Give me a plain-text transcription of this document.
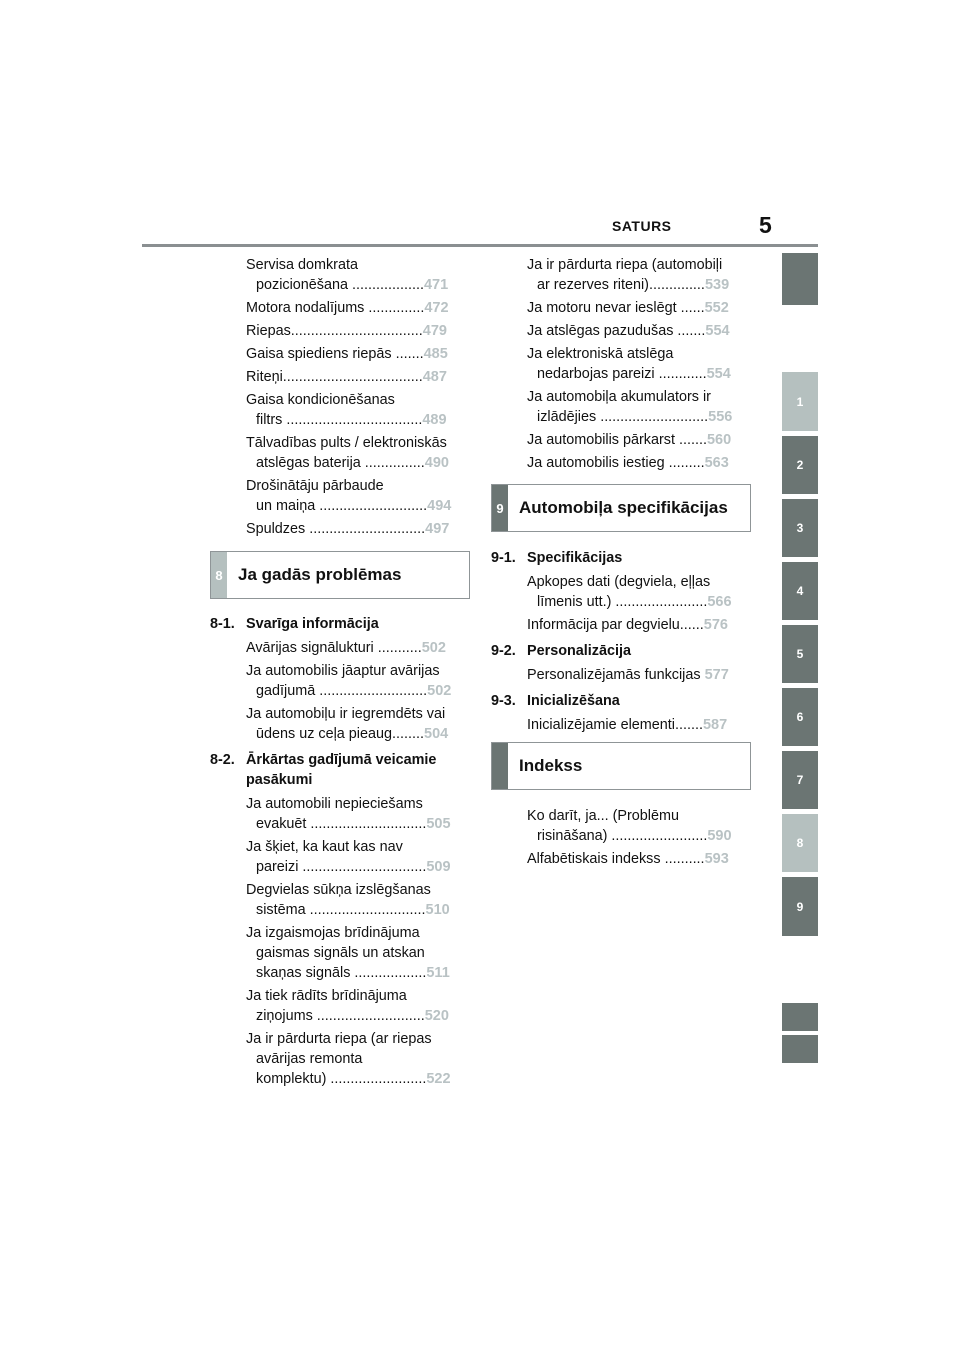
SATURS	5
1
2
3
4
5
6
7
8
9
Servisa domkrata
pozicionēšana ..................471
Motora nodalījums ..............472
Riepas.................................479
Gaisa spiediens riepās .......485
Riteņi...................................487
Gaisa kondicionēšanas
filtrs ..................................489
Tālvadības pults / elektroniskās
atslēgas baterija ...............490
Drošinātāju pārbaude
un maiņa ...........................494
Spuldzes .............................497
8 Ja gadās problēmas
8-1. Svarīga informācija
Avārijas signālukturi ...........502
Ja automobilis jāaptur avārijas
gadījumā ...........................502
Ja automobiļu ir iegremdēts vai
ūdens uz ceļa pieaug........504
8-2. Ārkārtas gadījumā veicamie
pasākumi
Ja automobili nepieciešams
evakuēt .............................505
Ja šķiet, ka kaut kas nav
pareizi ...............................509
Degvielas sūkņa izslēgšanas
sistēma .............................510
Ja izgaismojas brīdinājuma
gaismas signāls un atskan
skaņas signāls ..................511
Ja tiek rādīts brīdinājuma
ziņojums ...........................520
Ja ir pārdurta riepa (ar riepas
avārijas remonta
komplektu) ........................522
Ja ir pārdurta riepa (automobiļi
ar rezerves riteni)..............539
Ja motoru nevar ieslēgt ......552
Ja atslēgas pazudušas .......554
Ja elektroniskā atslēga
nedarbojas pareizi ............554
Ja automobiļa akumulators ir
izlādējies ...........................556
Ja automobilis pārkarst .......560
Ja automobilis iestieg .........563
9 Automobiļa specifikācijas
9-1. Specifikācijas
Apkopes dati (degviela, eļļas
līmenis utt.) .......................566
Informācija par degvielu......576
9-2. Personalizācija
Personalizējamās funkcijas 577
9-3. Inicializēšana
Inicializējamie elementi.......587
Indekss
Ko darīt, ja... (Problēmu
risināšana) ........................590
Alfabētiskais indekss ..........593
